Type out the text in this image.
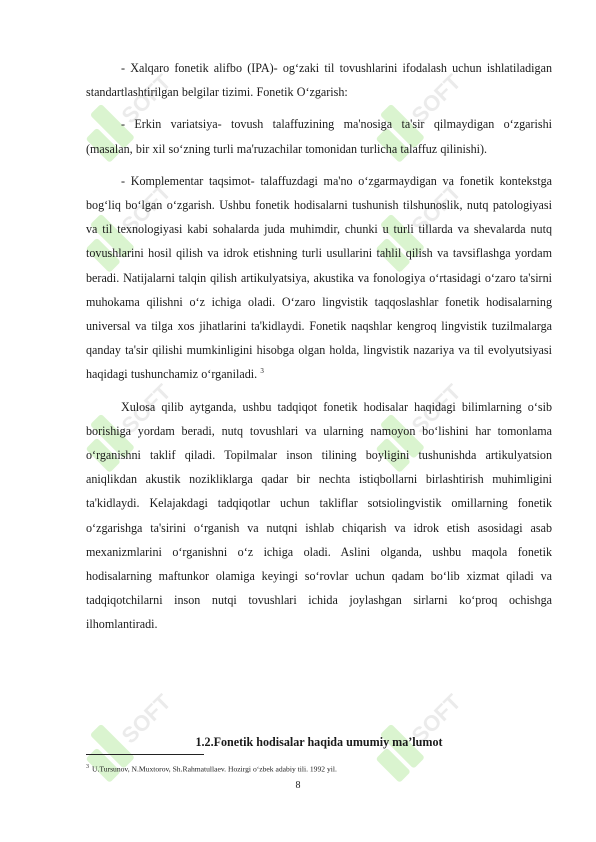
SOFT	SOFT
SOFT	SOFT
SOFT	SOFT
SOFT	SOFT

- Xalqaro fonetik alifbo (IPA)- og‘zaki til tovushlarini ifodalash uchun ishlatiladigan standartlashtirilgan belgilar tizimi. Fonetik O‘zgarish:

- Erkin variatsiya- tovush talaffuzining ma'nosiga ta'sir qilmaydigan o‘zgarishi (masalan, bir xil so‘zning turli ma'ruzachilar tomonidan turlicha talaffuz qilinishi).

- Komplementar taqsimot- talaffuzdagi ma'no o‘zgarmaydigan va fonetik kontekstga bog‘liq bo‘lgan o‘zgarish. Ushbu fonetik hodisalarni tushunish tilshunoslik, nutq patologiyasi va til texnologiyasi kabi sohalarda juda muhimdir, chunki u turli tillarda va shevalarda nutq tovushlarini hosil qilish va idrok etishning turli usullarini tahlil qilish va tavsiflashga yordam beradi. Natijalarni talqin qilish artikulyatsiya, akustika va fonologiya o‘rtasidagi o‘zaro ta'sirni muhokama qilishni o‘z ichiga oladi. O‘zaro lingvistik taqqoslashlar fonetik hodisalarning universal va tilga xos jihatlarini ta'kidlaydi. Fonetik naqshlar kengroq lingvistik tuzilmalarga qanday ta'sir qilishi mumkinligini hisobga olgan holda, lingvistik nazariya va til evolyutsiyasi haqidagi tushunchamiz o‘rganiladi. $^3$

Xulosa qilib aytganda, ushbu tadqiqot fonetik hodisalar haqidagi bilimlarning o‘sib borishiga yordam beradi, nutq tovushlari va ularning namoyon bo‘lishini har tomonlama o‘rganishni taklif qiladi. Topilmalar inson tilining boyligini tushunishda artikulyatsion aniqlikdan akustik nozikliklarga qadar bir nechta istiqbollarni birlashtirish muhimligini ta'kidlaydi. Kelajakdagi tadqiqotlar uchun takliflar sotsiolingvistik omillarning fonetik o‘zgarishga ta'sirini o‘rganish va nutqni ishlab chiqarish va idrok etish asosidagi asab mexanizmlarini o‘rganishni o‘z ichiga oladi. Aslini olganda, ushbu maqola fonetik hodisalarning maftunkor olamiga keyingi so‘rovlar uchun qadam bo‘lib xizmat qiladi va tadqiqotchilarni inson nutqi tovushlari ichida joylashgan sirlarni ko‘proq ochishga ilhomlantiradi.

1.2.Fonetik hodisalar haqida umumiy ma’lumot
$^3$ U.Tursunov, N.Muxtorov, Sh.Rahmatullaev. Hozirgi o‘zbek adabiy tili. 1992 yil.
8
